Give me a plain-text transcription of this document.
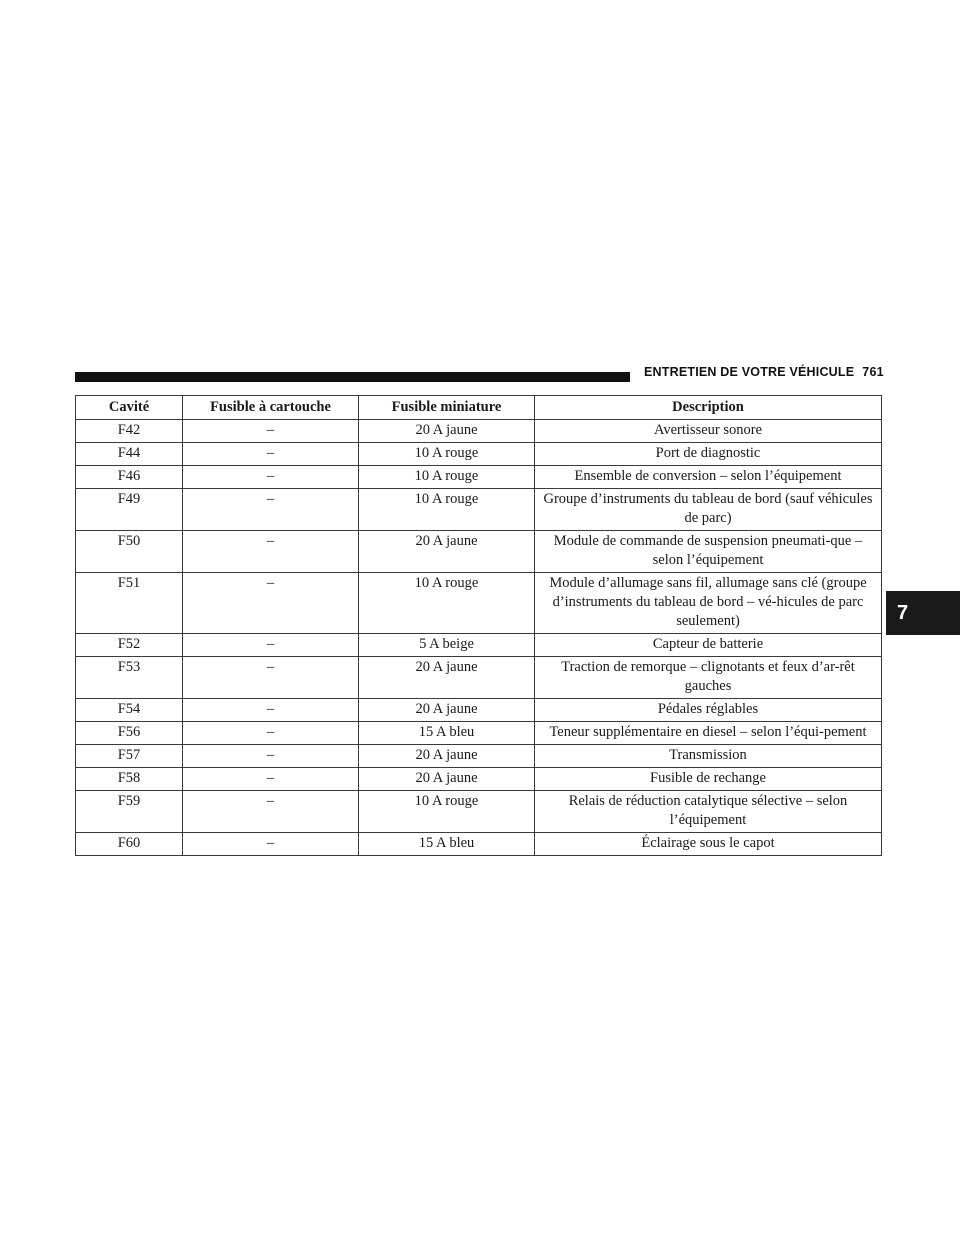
ENTRETIEN DE VOTRE VÉHICULE 761
7
Cavité	Fusible à cartouche	Fusible miniature	Description
F42	–	20 A jaune	Avertisseur sonore
F44	–	10 A rouge	Port de diagnostic
F46	–	10 A rouge	Ensemble de conversion – selon l’équipement
F49	–	10 A rouge	Groupe d’instruments du tableau de bord (sauf véhicules de parc)
F50	–	20 A jaune	Module de commande de suspension pneumati-que – selon l’équipement
F51	–	10 A rouge	Module d’allumage sans fil, allumage sans clé (groupe d’instruments du tableau de bord – vé-hicules de parc seulement)
F52	–	5 A beige	Capteur de batterie
F53	–	20 A jaune	Traction de remorque – clignotants et feux d’ar-rêt gauches
F54	–	20 A jaune	Pédales réglables
F56	–	15 A bleu	Teneur supplémentaire en diesel – selon l’équi-pement
F57	–	20 A jaune	Transmission
F58	–	20 A jaune	Fusible de rechange
F59	–	10 A rouge	Relais de réduction catalytique sélective – selon l’équipement
F60	–	15 A bleu	Éclairage sous le capot
